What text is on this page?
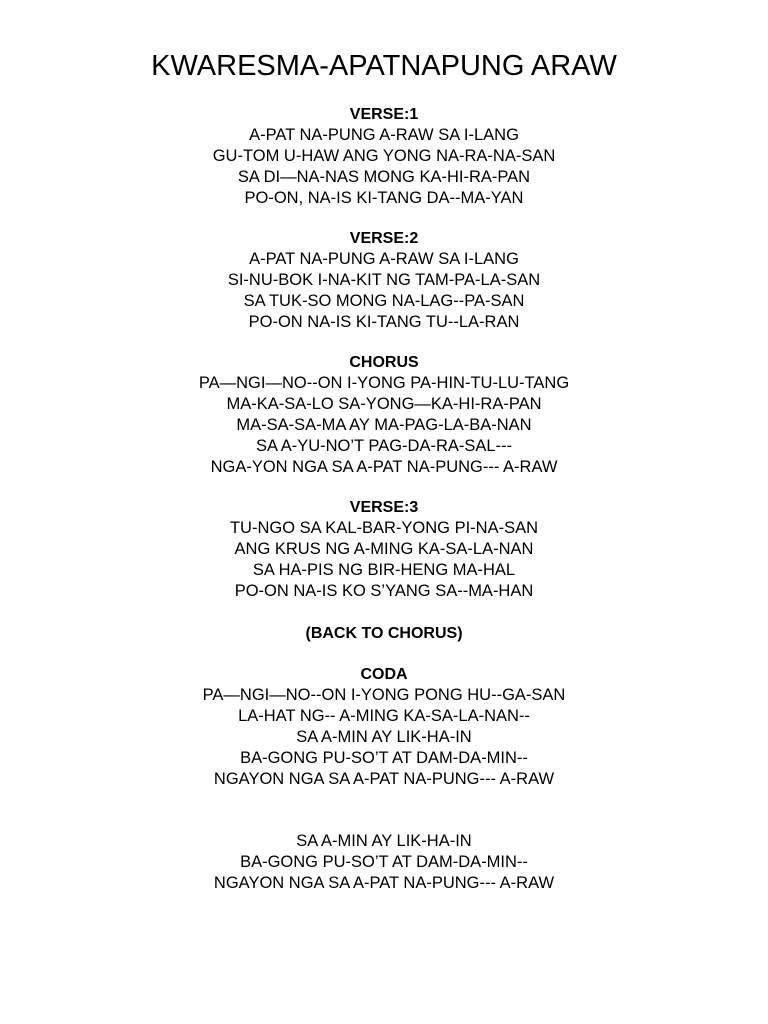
KWARESMA-APATNAPUNG ARAW
VERSE:1
A-PAT NA-PUNG A-RAW SA I-LANG
GU-TOM U-HAW ANG YONG NA-RA-NA-SAN
SA DI—NA-NAS MONG KA-HI-RA-PAN
PO-ON, NA-IS KI-TANG DA--MA-YAN
VERSE:2
A-PAT NA-PUNG A-RAW SA I-LANG
SI-NU-BOK I-NA-KIT NG TAM-PA-LA-SAN
SA TUK-SO MONG NA-LAG--PA-SAN
PO-ON NA-IS KI-TANG TU--LA-RAN
CHORUS
PA—NGI—NO--ON I-YONG PA-HIN-TU-LU-TANG
MA-KA-SA-LO SA-YONG—KA-HI-RA-PAN
MA-SA-SA-MA AY MA-PAG-LA-BA-NAN
SA A-YU-NO’T PAG-DA-RA-SAL---
NGA-YON NGA SA A-PAT NA-PUNG--- A-RAW
VERSE:3
TU-NGO SA KAL-BAR-YONG PI-NA-SAN
ANG KRUS NG A-MING KA-SA-LA-NAN
SA HA-PIS NG BIR-HENG MA-HAL
PO-ON NA-IS KO S’YANG SA--MA-HAN
(BACK TO CHORUS)
CODA
PA—NGI—NO--ON I-YONG PONG HU--GA-SAN
LA-HAT NG-- A-MING KA-SA-LA-NAN--
SA A-MIN AY LIK-HA-IN
BA-GONG PU-SO’T AT DAM-DA-MIN--
NGAYON NGA SA A-PAT NA-PUNG--- A-RAW
SA A-MIN AY LIK-HA-IN
BA-GONG PU-SO’T AT DAM-DA-MIN--
NGAYON NGA SA A-PAT NA-PUNG--- A-RAW
